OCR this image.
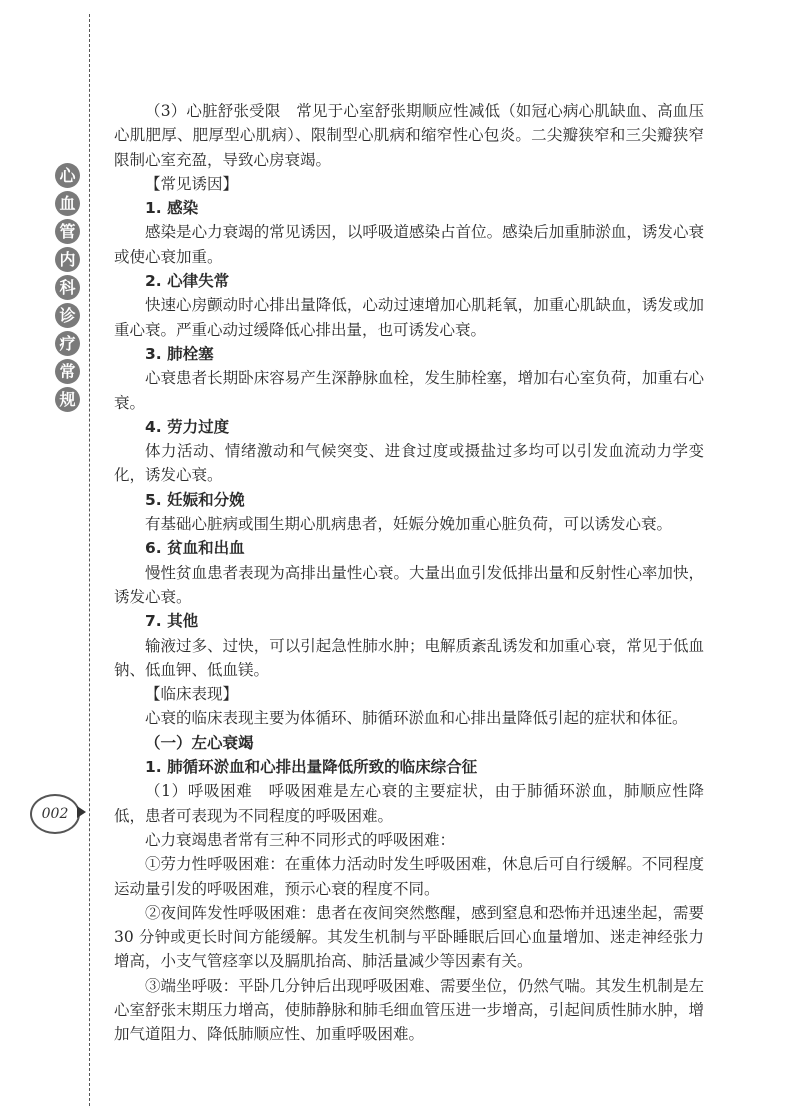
心
血
管
内
科
诊
疗
常
规
002

（3）心脏舒张受限　常见于心室舒张期顺应性减低（如冠心病心肌缺血、高血压心肌肥厚、肥厚型心肌病）、限制型心肌病和缩窄性心包炎。二尖瓣狭窄和三尖瓣狭窄限制心室充盈，导致心房衰竭。

【常见诱因】

1. 感染

感染是心力衰竭的常见诱因，以呼吸道感染占首位。感染后加重肺淤血，诱发心衰或使心衰加重。

2. 心律失常

快速心房颤动时心排出量降低，心动过速增加心肌耗氧，加重心肌缺血，诱发或加重心衰。严重心动过缓降低心排出量，也可诱发心衰。

3. 肺栓塞

心衰患者长期卧床容易产生深静脉血栓，发生肺栓塞，增加右心室负荷，加重右心衰。

4. 劳力过度

体力活动、情绪激动和气候突变、进食过度或摄盐过多均可以引发血流动力学变化，诱发心衰。

5. 妊娠和分娩

有基础心脏病或围生期心肌病患者，妊娠分娩加重心脏负荷，可以诱发心衰。

6. 贫血和出血

慢性贫血患者表现为高排出量性心衰。大量出血引发低排出量和反射性心率加快，诱发心衰。

7. 其他

输液过多、过快，可以引起急性肺水肿；电解质紊乱诱发和加重心衰，常见于低血钠、低血钾、低血镁。

【临床表现】

心衰的临床表现主要为体循环、肺循环淤血和心排出量降低引起的症状和体征。

（一）左心衰竭

1. 肺循环淤血和心排出量降低所致的临床综合征

（1）呼吸困难　呼吸困难是左心衰的主要症状，由于肺循环淤血，肺顺应性降低，患者可表现为不同程度的呼吸困难。

心力衰竭患者常有三种不同形式的呼吸困难：

①劳力性呼吸困难：在重体力活动时发生呼吸困难，休息后可自行缓解。不同程度运动量引发的呼吸困难，预示心衰的程度不同。

②夜间阵发性呼吸困难：患者在夜间突然憋醒，感到窒息和恐怖并迅速坐起，需要 30 分钟或更长时间方能缓解。其发生机制与平卧睡眠后回心血量增加、迷走神经张力增高，小支气管痉挛以及膈肌抬高、肺活量减少等因素有关。

③端坐呼吸：平卧几分钟后出现呼吸困难、需要坐位，仍然气喘。其发生机制是左心室舒张末期压力增高，使肺静脉和肺毛细血管压进一步增高，引起间质性肺水肿，增加气道阻力、降低肺顺应性、加重呼吸困难。
